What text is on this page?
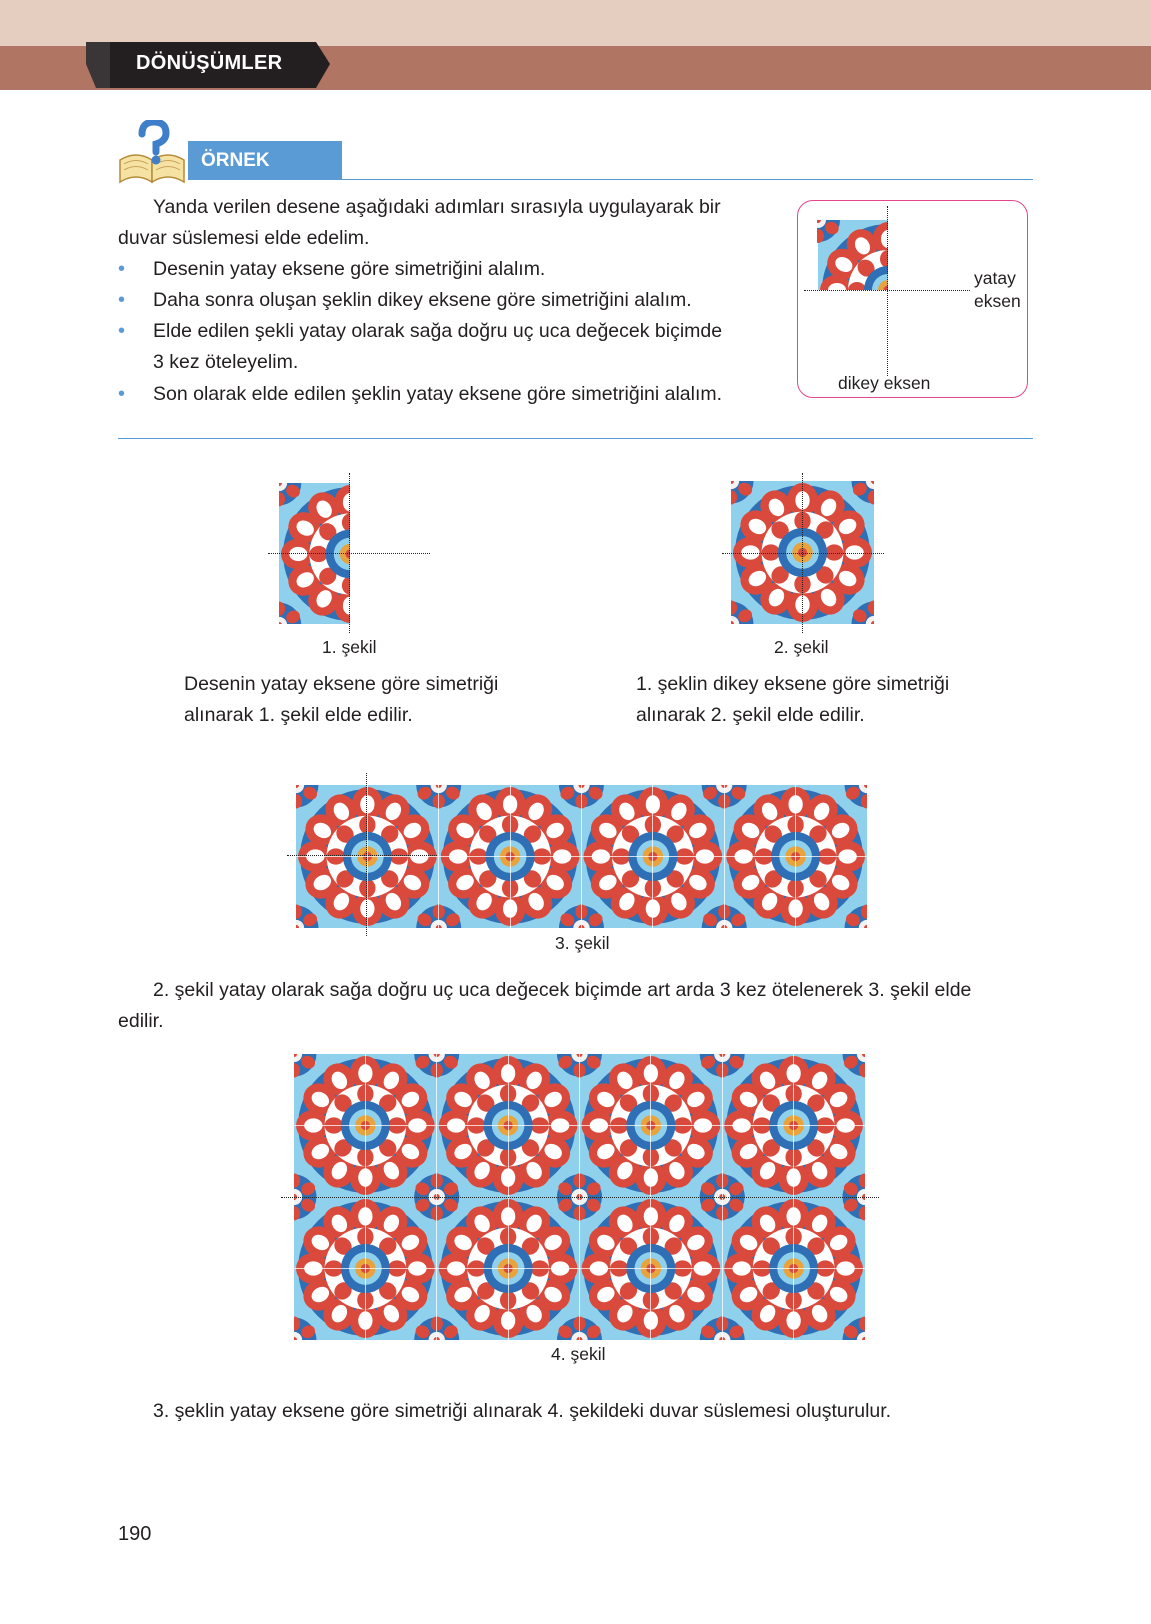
DÖNÜŞÜMLER
ÖRNEK
Yanda verilen desene aşağıdaki adımları sırasıyla uygulayarak bir
duvar süslemesi elde edelim.
• Desenin yatay eksene göre simetriğini alalım.
• Daha sonra oluşan şeklin dikey eksene göre simetriğini alalım.
• Elde edilen şekli yatay olarak sağa doğru uç uca değecek biçimde
3 kez öteleyelim.
• Son olarak elde edilen şeklin yatay eksene göre simetriğini alalım.
yatay
eksen
dikey eksen
1. şekil
Desenin yatay eksene göre simetriği
alınarak 1. şekil elde edilir.
2. şekil
1. şeklin dikey eksene göre simetriği
alınarak 2. şekil elde edilir.
3. şekil
2. şekil yatay olarak sağa doğru uç uca değecek biçimde art arda 3 kez ötelenerek 3. şekil elde
edilir.
4. şekil
3. şeklin yatay eksene göre simetriği alınarak 4. şekildeki duvar süslemesi oluşturulur.
190
